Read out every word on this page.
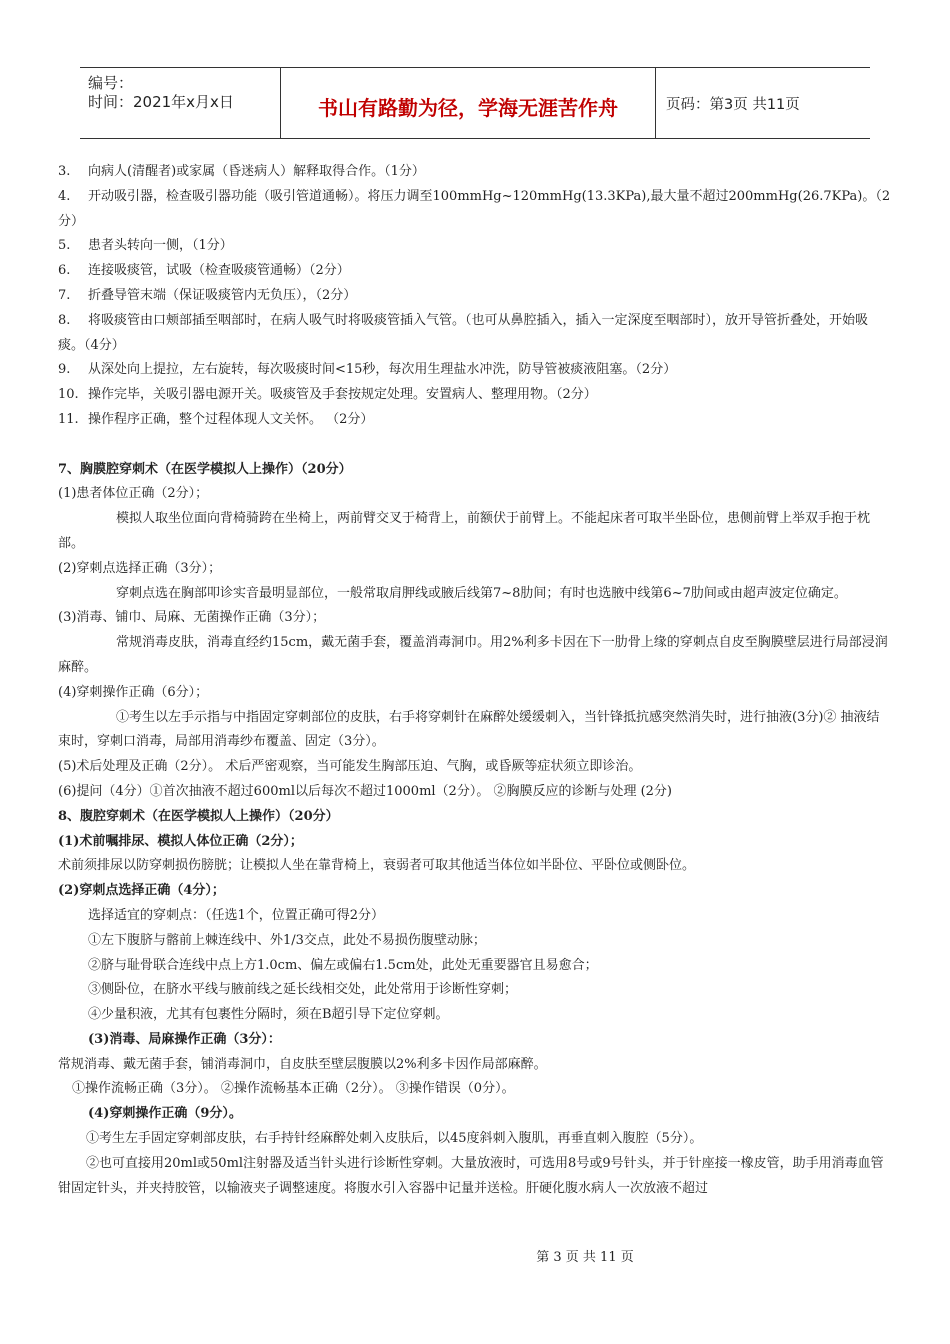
编号：
时间：2021年x月x日	书山有路勤为径，学海无涯苦作舟	页码：第3页 共11页
3. 向病人(清醒者)或家属（昏迷病人）解释取得合作。（1分）
4. 开动吸引器，检查吸引器功能（吸引管道通畅）。将压力调至100mmHg~120mmHg(13.3KPa),最大量不超过200mmHg(26.7KPa)。（2分）
5. 患者头转向一侧，（1分）
6. 连接吸痰管，试吸（检查吸痰管通畅）（2分）
7. 折叠导管末端（保证吸痰管内无负压），（2分）
8. 将吸痰管由口颊部插至咽部时，在病人吸气时将吸痰管插入气管。（也可从鼻腔插入，插入一定深度至咽部时），放开导管折叠处，开始吸痰。（4分）
9. 从深处向上提拉，左右旋转，每次吸痰时间<15秒，每次用生理盐水冲洗，防导管被痰液阻塞。（2分）
10. 操作完毕，关吸引器电源开关。吸痰管及手套按规定处理。安置病人、整理用物。（2分）
11. 操作程序正确，整个过程体现人文关怀。 （2分）
7、胸膜腔穿刺术（在医学模拟人上操作）（20分）
(1)患者体位正确（2分）；
模拟人取坐位面向背椅骑跨在坐椅上，两前臂交叉于椅背上，前额伏于前臂上。不能起床者可取半坐卧位，患侧前臂上举双手抱于枕部。
(2)穿刺点选择正确（3分）；
穿刺点选在胸部叩诊实音最明显部位，一般常取肩胛线或腋后线第7~8肋间；有时也选腋中线第6~7肋间或由超声波定位确定。
(3)消毒、铺巾、局麻、无菌操作正确（3分）；
常规消毒皮肤，消毒直经约15cm，戴无菌手套，覆盖消毒洞巾。用2%利多卡因在下一肋骨上缘的穿刺点自皮至胸膜壁层进行局部浸润麻醉。
(4)穿刺操作正确（6分）；
①考生以左手示指与中指固定穿刺部位的皮肤，右手将穿刺针在麻醉处缓缓刺入，当针锋抵抗感突然消失时，进行抽液(3分)② 抽液结束时，穿刺口消毒，局部用消毒纱布覆盖、固定（3分）。
(5)术后处理及正确（2分）。 术后严密观察，当可能发生胸部压迫、气胸，或昏厥等症状须立即诊治。
(6)提问（4分）①首次抽液不超过600ml以后每次不超过1000ml（2分）。 ②胸膜反应的诊断与处理 (2分)
8、腹腔穿刺术（在医学模拟人上操作）（20分）
(1)术前嘱排尿、模拟人体位正确（2分）；
术前须排尿以防穿刺损伤膀胱；让模拟人坐在靠背椅上，衰弱者可取其他适当体位如半卧位、平卧位或侧卧位。
(2)穿刺点选择正确（4分）；
选择适宜的穿刺点：（任选1个，位置正确可得2分）
①左下腹脐与髂前上棘连线中、外1/3交点，此处不易损伤腹壁动脉；
②脐与耻骨联合连线中点上方1.0cm、偏左或偏右1.5cm处，此处无重要器官且易愈合；
③侧卧位，在脐水平线与腋前线之延长线相交处，此处常用于诊断性穿刺；
④少量积液，尤其有包裹性分隔时，须在B超引导下定位穿刺。
(3)消毒、局麻操作正确（3分）：
常规消毒、戴无菌手套，铺消毒洞巾，自皮肤至壁层腹膜以2%利多卡因作局部麻醉。
①操作流畅正确（3分）。 ②操作流畅基本正确（2分）。 ③操作错误（0分）。
(4)穿刺操作正确（9分）。
①考生左手固定穿刺部皮肤，右手持针经麻醉处刺入皮肤后，以45度斜刺入腹肌，再垂直刺入腹腔（5分）。
②也可直接用20ml或50ml注射器及适当针头进行诊断性穿刺。大量放液时，可选用8号或9号针头，并于针座接一橡皮管，助手用消毒血管钳固定针头，并夹持胶管，以输液夹子调整速度。将腹水引入容器中记量并送检。肝硬化腹水病人一次放液不超过
第 3 页 共 11 页
